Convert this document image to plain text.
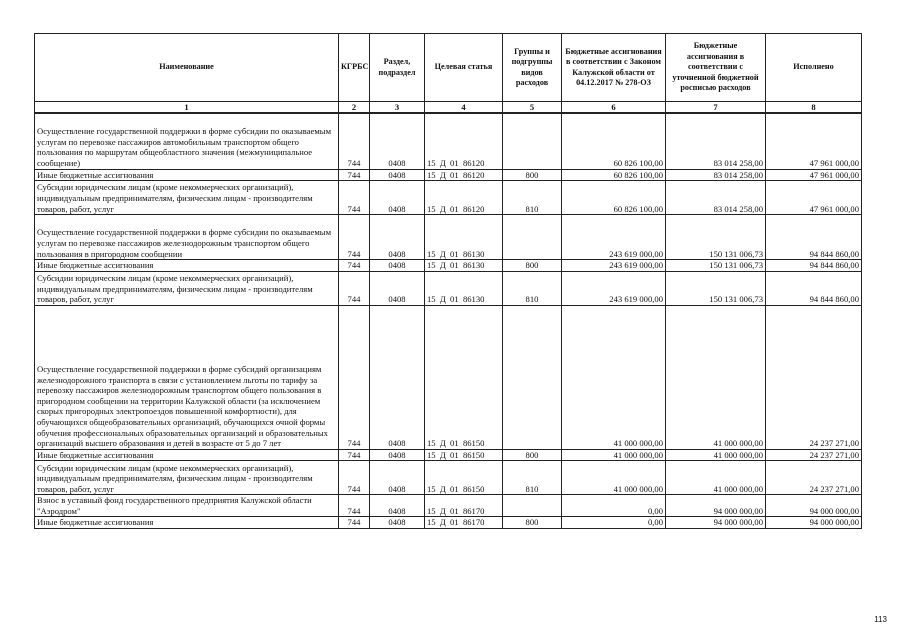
Наименование	КГРБС	Раздел, подраздел	Целевая статья	Группы и подгруппы видов расходов	Бюджетные ассигнования в соответствии с Законом Калужской области от 04.12.2017 № 278-ОЗ	Бюджетные ассигнования в соответствии с уточненной бюджетной росписью расходов	Исполнено
1	2	3	4	5	6	7	8
Осуществление государственной поддержки в форме субсидии по оказываемым услугам по перевозке пассажиров автомобильным транспортом общего пользования по маршрутам общеобластного значения (межмуниципальное сообщение)	744	0408	15  Д  01  86120		60 826 100,00	83 014 258,00	47 961 000,00
Иные бюджетные ассигнования	744	0408	15  Д  01  86120	800	60 826 100,00	83 014 258,00	47 961 000,00
Субсидии юридическим лицам (кроме некоммерческих организаций), индивидуальным предпринимателям, физическим лицам - производителям товаров, работ, услуг	744	0408	15  Д  01  86120	810	60 826 100,00	83 014 258,00	47 961 000,00
Осуществление государственной поддержки в форме субсидии по оказываемым услугам по перевозке пассажиров железнодорожным транспортом общего пользования в пригородном сообщении	744	0408	15  Д  01  86130		243 619 000,00	150 131 006,73	94 844 860,00
Иные бюджетные ассигнования	744	0408	15  Д  01  86130	800	243 619 000,00	150 131 006,73	94 844 860,00
Субсидии юридическим лицам (кроме некоммерческих организаций), индивидуальным предпринимателям, физическим лицам - производителям товаров, работ, услуг	744	0408	15  Д  01  86130	810	243 619 000,00	150 131 006,73	94 844 860,00
Осуществление государственной поддержки в форме субсидий организациям железнодорожного транспорта в связи с установлением льготы по тарифу за перевозку пассажиров железнодорожным транспортом общего пользования в пригородном сообщении на территории Калужской области (за исключением скорых пригородных электропоездов повышенной комфортности), для обучающихся общеобразовательных организаций, обучающихся очной формы обучения профессиональных образовательных организаций и образовательных организаций высшего образования и детей в возрасте от 5 до 7 лет	744	0408	15  Д  01  86150		41 000 000,00	41 000 000,00	24 237 271,00
Иные бюджетные ассигнования	744	0408	15  Д  01  86150	800	41 000 000,00	41 000 000,00	24 237 271,00
Субсидии юридическим лицам (кроме некоммерческих организаций), индивидуальным предпринимателям, физическим лицам - производителям товаров, работ, услуг	744	0408	15  Д  01  86150	810	41 000 000,00	41 000 000,00	24 237 271,00
Взнос в уставный фонд государственного предприятия Калужской области "Аэродром"	744	0408	15  Д  01  86170		0,00	94 000 000,00	94 000 000,00
Иные бюджетные ассигнования	744	0408	15  Д  01  86170	800	0,00	94 000 000,00	94 000 000,00
113
